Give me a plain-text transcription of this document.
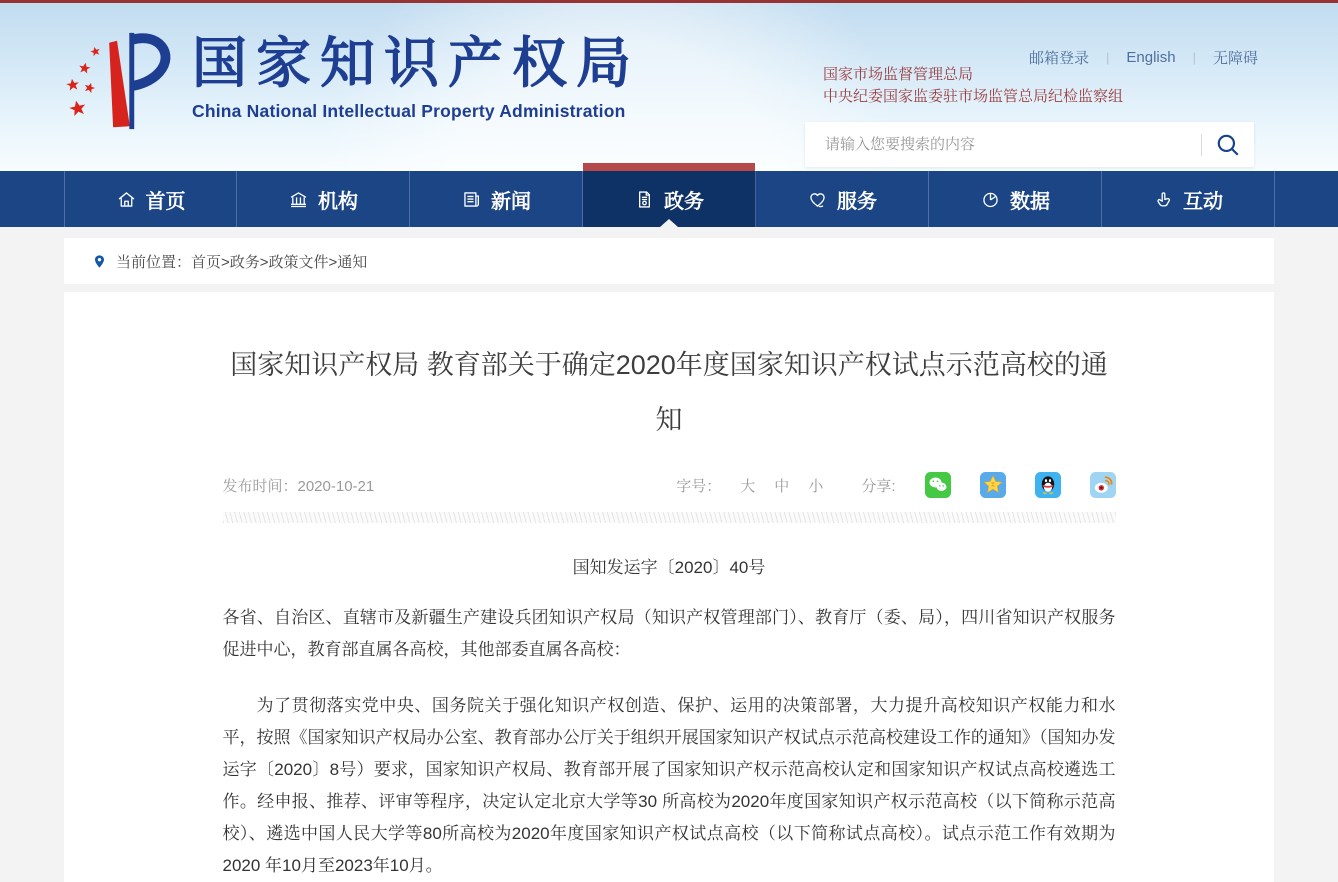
国家知识产权局
China National Intellectual Property Administration
邮箱登录 | English | 无障碍
国家市场监督管理总局
中央纪委国家监委驻市场监管总局纪检监察组
请输入您要搜索的内容
首页	机构	新闻	政务	服务	数据	互动
当前位置：首页>政务>政策文件>通知
国家知识产权局 教育部关于确定2020年度国家知识产权试点示范高校的通知
发布时间：2020-10-21	字号： 大 中 小	分享:
国知发运字〔2020〕40号

各省、自治区、直辖市及新疆生产建设兵团知识产权局（知识产权管理部门）、教育厅（委、局），四川省知识产权服务促进中心，教育部直属各高校，其他部委直属各高校：

为了贯彻落实党中央、国务院关于强化知识产权创造、保护、运用的决策部署，大力提升高校知识产权能力和水平，按照《国家知识产权局办公室、教育部办公厅关于组织开展国家知识产权试点示范高校建设工作的通知》（国知办发运字〔2020〕8号）要求，国家知识产权局、教育部开展了国家知识产权示范高校认定和国家知识产权试点高校遴选工作。经申报、推荐、评审等程序，决定认定北京大学等30 所高校为2020年度国家知识产权示范高校（以下简称示范高校）、遴选中国人民大学等80所高校为2020年度国家知识产权试点高校（以下简称试点高校）。试点示范工作有效期为2020 年10月至2023年10月。
